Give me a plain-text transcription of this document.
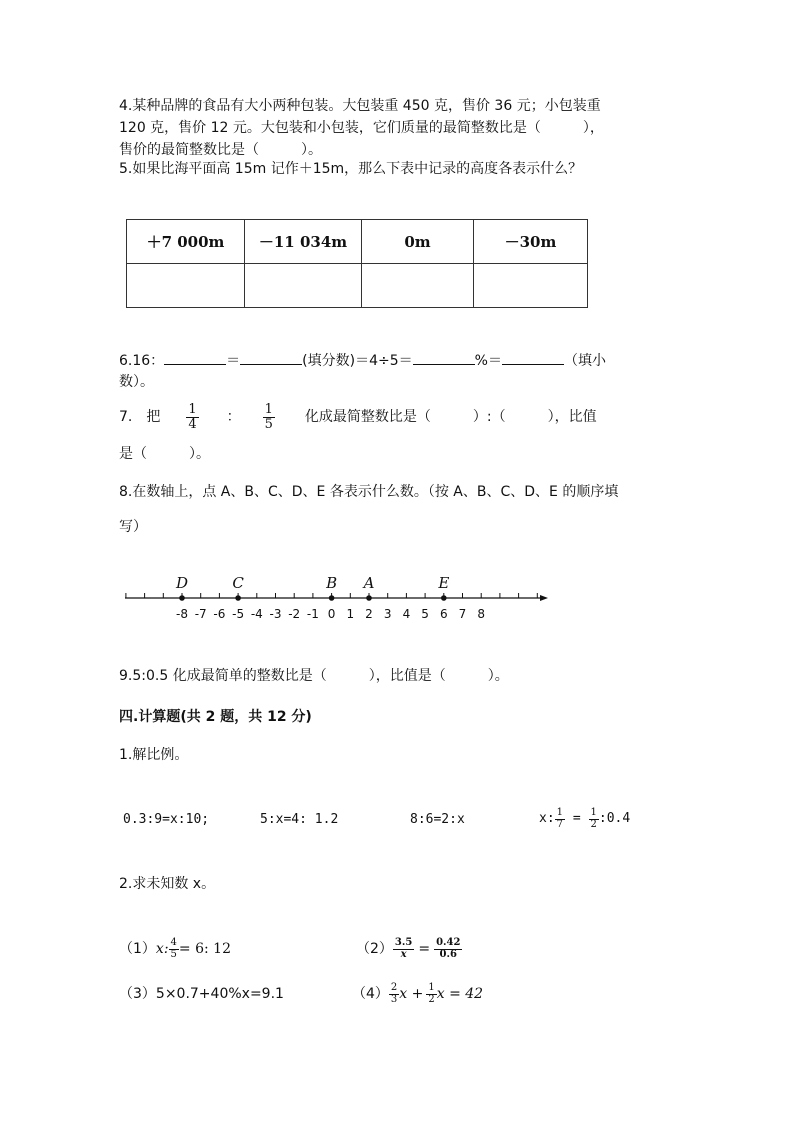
4.某种品牌的食品有大小两种包装。大包装重 450 克，售价 36 元；小包装重
120 克，售价 12 元。大包装和小包装，它们质量的最简整数比是（　　　），
售价的最简整数比是（　　　）。
5.如果比海平面高 15m 记作＋15m，那么下表中记录的高度各表示什么？
＋7 000m	－11 034m	0m	－30m

6.16：	＝	(填分数)＝4÷5＝	%＝	（填小
数）。
7.　把 $\frac{1}{4}$ ： $\frac{1}{5}$ 化成最简整数比是（　　　）:（　　　），比值
是（　　　）。
8.在数轴上，点 A、B、C、D、E 各表示什么数。（按 A、B、C、D、E 的顺序填
写）
-8 -7 -6 -5 -4 -3 -2 -1 0 1 2 3 4 5 6 7 8
D	C	B A	E
9.5:0.5 化成最简单的整数比是（　　　），比值是（　　　）。
四.计算题(共 2 题，共 12 分)
1.解比例。
0.3:9=x:10;	5:x=4: 1.2	8:6=2:x	x: $\frac{1}{7} = \frac{1}{2}$ :0.4
2.求未知数 x。
（1） x: $\frac{4}{5} = 6$: 12	$(2) \frac{3.5}{x} = \frac{0.42}{0.6}$
（3）5×0.7+40%x=9.1	$(4) \frac{2}{3}$ $x + \frac{1}{2}$ x = 42
